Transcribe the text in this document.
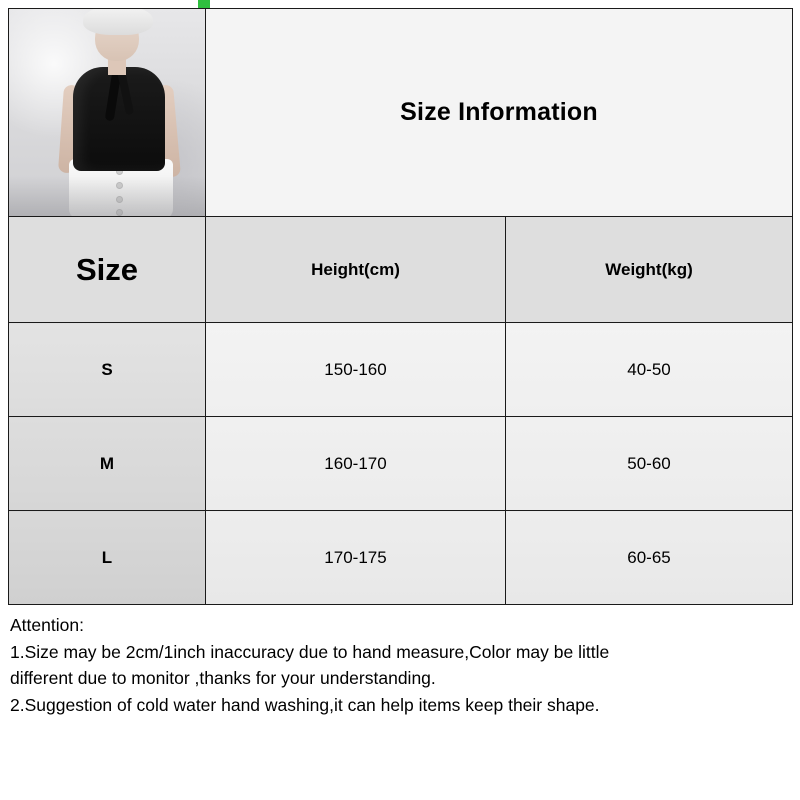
	Size Information	
Size	Height(cm)	Weight(kg)
S	150-160	40-50
M	160-170	50-60
L	170-175	60-65

Attention:

1.Size may be 2cm/1inch inaccuracy due to hand measure,Color may be little

different due to monitor ,thanks for your understanding.

2.Suggestion of cold water hand washing,it can help items keep their shape.
